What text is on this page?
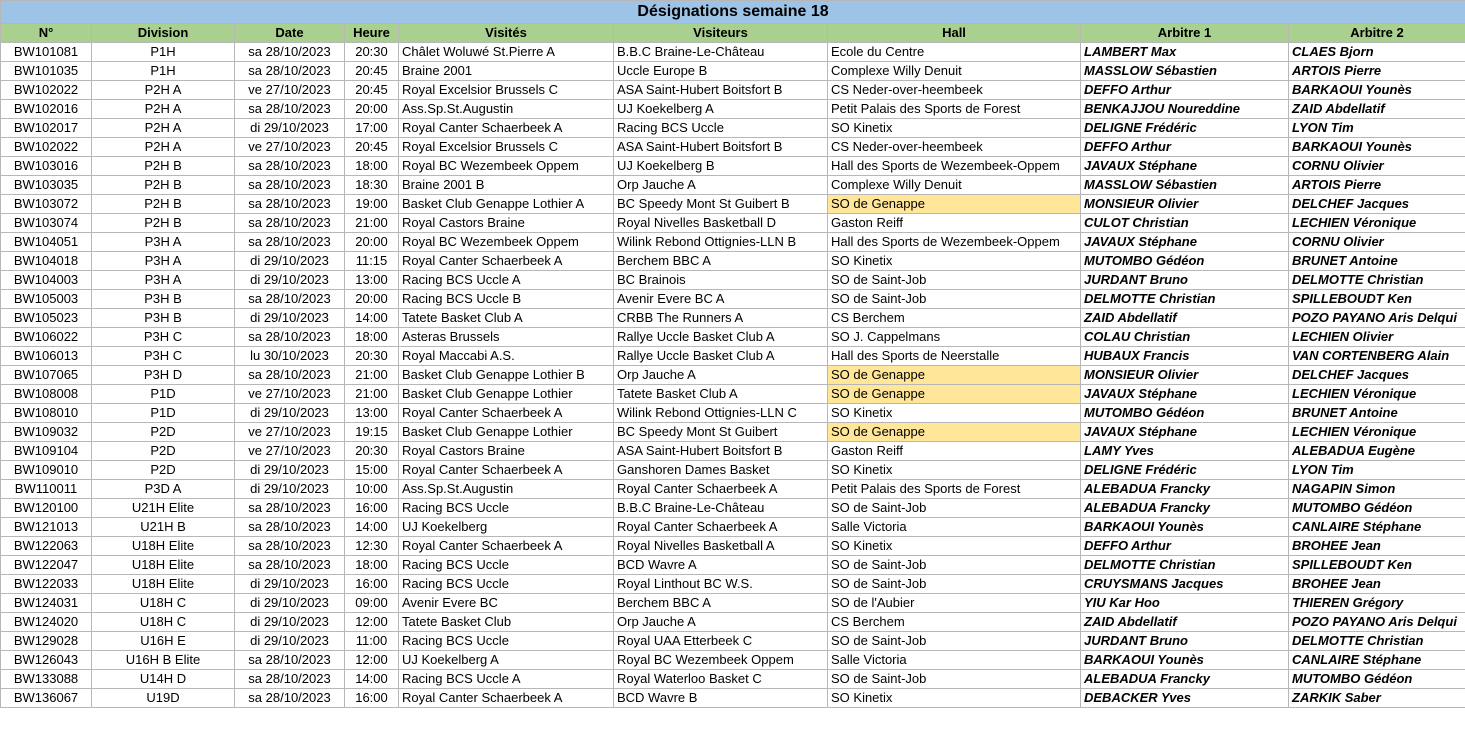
Désignations semaine 18								
N°	Division	Date	Heure	Visités	Visiteurs	Hall	Arbitre 1	Arbitre 2
BW101081	P1H	sa 28/10/2023	20:30	Châlet Woluwé St.Pierre A	B.B.C Braine-Le-Château	Ecole du Centre	LAMBERT Max	CLAES Bjorn
BW101035	P1H	sa 28/10/2023	20:45	Braine 2001	Uccle Europe B	Complexe Willy Denuit	MASSLOW Sébastien	ARTOIS Pierre
BW102022	P2H A	ve 27/10/2023	20:45	Royal Excelsior Brussels C	ASA Saint-Hubert Boitsfort B	CS Neder-over-heembeek	DEFFO Arthur	BARKAOUI Younès
BW102016	P2H A	sa 28/10/2023	20:00	Ass.Sp.St.Augustin	UJ Koekelberg A	Petit Palais des Sports de Forest	BENKAJJOU Noureddine	ZAID Abdellatif
BW102017	P2H A	di 29/10/2023	17:00	Royal Canter Schaerbeek A	Racing BCS Uccle	SO Kinetix	DELIGNE Frédéric	LYON Tim
BW102022	P2H A	ve 27/10/2023	20:45	Royal Excelsior Brussels C	ASA Saint-Hubert Boitsfort B	CS Neder-over-heembeek	DEFFO Arthur	BARKAOUI Younès
BW103016	P2H B	sa 28/10/2023	18:00	Royal BC Wezembeek Oppem	UJ Koekelberg B	Hall des Sports de Wezembeek-Oppem	JAVAUX Stéphane	CORNU Olivier
BW103035	P2H B	sa 28/10/2023	18:30	Braine 2001 B	Orp Jauche A	Complexe Willy Denuit	MASSLOW Sébastien	ARTOIS Pierre
BW103072	P2H B	sa 28/10/2023	19:00	Basket Club Genappe Lothier A	BC Speedy Mont St Guibert B	SO de Genappe	MONSIEUR Olivier	DELCHEF Jacques
BW103074	P2H B	sa 28/10/2023	21:00	Royal Castors Braine	Royal Nivelles Basketball D	Gaston Reiff	CULOT Christian	LECHIEN Véronique
BW104051	P3H A	sa 28/10/2023	20:00	Royal BC Wezembeek Oppem	Wilink Rebond Ottignies-LLN B	Hall des Sports de Wezembeek-Oppem	JAVAUX Stéphane	CORNU Olivier
BW104018	P3H A	di 29/10/2023	11:15	Royal Canter Schaerbeek A	Berchem BBC A	SO Kinetix	MUTOMBO Gédéon	BRUNET Antoine
BW104003	P3H A	di 29/10/2023	13:00	Racing BCS Uccle A	BC Brainois	SO de Saint-Job	JURDANT Bruno	DELMOTTE Christian
BW105003	P3H B	sa 28/10/2023	20:00	Racing BCS Uccle B	Avenir Evere BC A	SO de Saint-Job	DELMOTTE Christian	SPILLEBOUDT Ken
BW105023	P3H B	di 29/10/2023	14:00	Tatete Basket Club A	CRBB The Runners A	CS Berchem	ZAID Abdellatif	POZO PAYANO Aris Delqui
BW106022	P3H C	sa 28/10/2023	18:00	Asteras Brussels	Rallye Uccle Basket Club A	SO J. Cappelmans	COLAU Christian	LECHIEN Olivier
BW106013	P3H C	lu 30/10/2023	20:30	Royal Maccabi A.S.	Rallye Uccle Basket Club A	Hall des Sports de Neerstalle	HUBAUX Francis	VAN CORTENBERG Alain
BW107065	P3H D	sa 28/10/2023	21:00	Basket Club Genappe Lothier B	Orp Jauche A	SO de Genappe	MONSIEUR Olivier	DELCHEF Jacques
BW108008	P1D	ve 27/10/2023	21:00	Basket Club Genappe Lothier	Tatete Basket Club A	SO de Genappe	JAVAUX Stéphane	LECHIEN Véronique
BW108010	P1D	di 29/10/2023	13:00	Royal Canter Schaerbeek A	Wilink Rebond Ottignies-LLN C	SO Kinetix	MUTOMBO Gédéon	BRUNET Antoine
BW109032	P2D	ve 27/10/2023	19:15	Basket Club Genappe Lothier	BC Speedy Mont St Guibert	SO de Genappe	JAVAUX Stéphane	LECHIEN Véronique
BW109104	P2D	ve 27/10/2023	20:30	Royal Castors Braine	ASA Saint-Hubert Boitsfort B	Gaston Reiff	LAMY Yves	ALEBADUA Eugène
BW109010	P2D	di 29/10/2023	15:00	Royal Canter Schaerbeek A	Ganshoren Dames Basket	SO Kinetix	DELIGNE Frédéric	LYON Tim
BW110011	P3D A	di 29/10/2023	10:00	Ass.Sp.St.Augustin	Royal Canter Schaerbeek A	Petit Palais des Sports de Forest	ALEBADUA Francky	NAGAPIN Simon
BW120100	U21H Elite	sa 28/10/2023	16:00	Racing BCS Uccle	B.B.C Braine-Le-Château	SO de Saint-Job	ALEBADUA Francky	MUTOMBO Gédéon
BW121013	U21H B	sa 28/10/2023	14:00	UJ Koekelberg	Royal Canter Schaerbeek A	Salle Victoria	BARKAOUI Younès	CANLAIRE Stéphane
BW122063	U18H Elite	sa 28/10/2023	12:30	Royal Canter Schaerbeek A	Royal Nivelles Basketball A	SO Kinetix	DEFFO Arthur	BROHEE Jean
BW122047	U18H Elite	sa 28/10/2023	18:00	Racing BCS Uccle	BCD Wavre A	SO de Saint-Job	DELMOTTE Christian	SPILLEBOUDT Ken
BW122033	U18H Elite	di 29/10/2023	16:00	Racing BCS Uccle	Royal Linthout BC W.S.	SO de Saint-Job	CRUYSMANS Jacques	BROHEE Jean
BW124031	U18H C	di 29/10/2023	09:00	Avenir Evere BC	Berchem BBC A	SO de l'Aubier	YIU Kar Hoo	THIEREN Grégory
BW124020	U18H C	di 29/10/2023	12:00	Tatete Basket Club	Orp Jauche A	CS Berchem	ZAID Abdellatif	POZO PAYANO Aris Delqui
BW129028	U16H E	di 29/10/2023	11:00	Racing BCS Uccle	Royal UAA Etterbeek C	SO de Saint-Job	JURDANT Bruno	DELMOTTE Christian
BW126043	U16H B Elite	sa 28/10/2023	12:00	UJ Koekelberg A	Royal BC Wezembeek Oppem	Salle Victoria	BARKAOUI Younès	CANLAIRE Stéphane
BW133088	U14H D	sa 28/10/2023	14:00	Racing BCS Uccle A	Royal Waterloo Basket C	SO de Saint-Job	ALEBADUA Francky	MUTOMBO Gédéon
BW136067	U19D	sa 28/10/2023	16:00	Royal Canter Schaerbeek A	BCD Wavre B	SO Kinetix	DEBACKER Yves	ZARKIK Saber
